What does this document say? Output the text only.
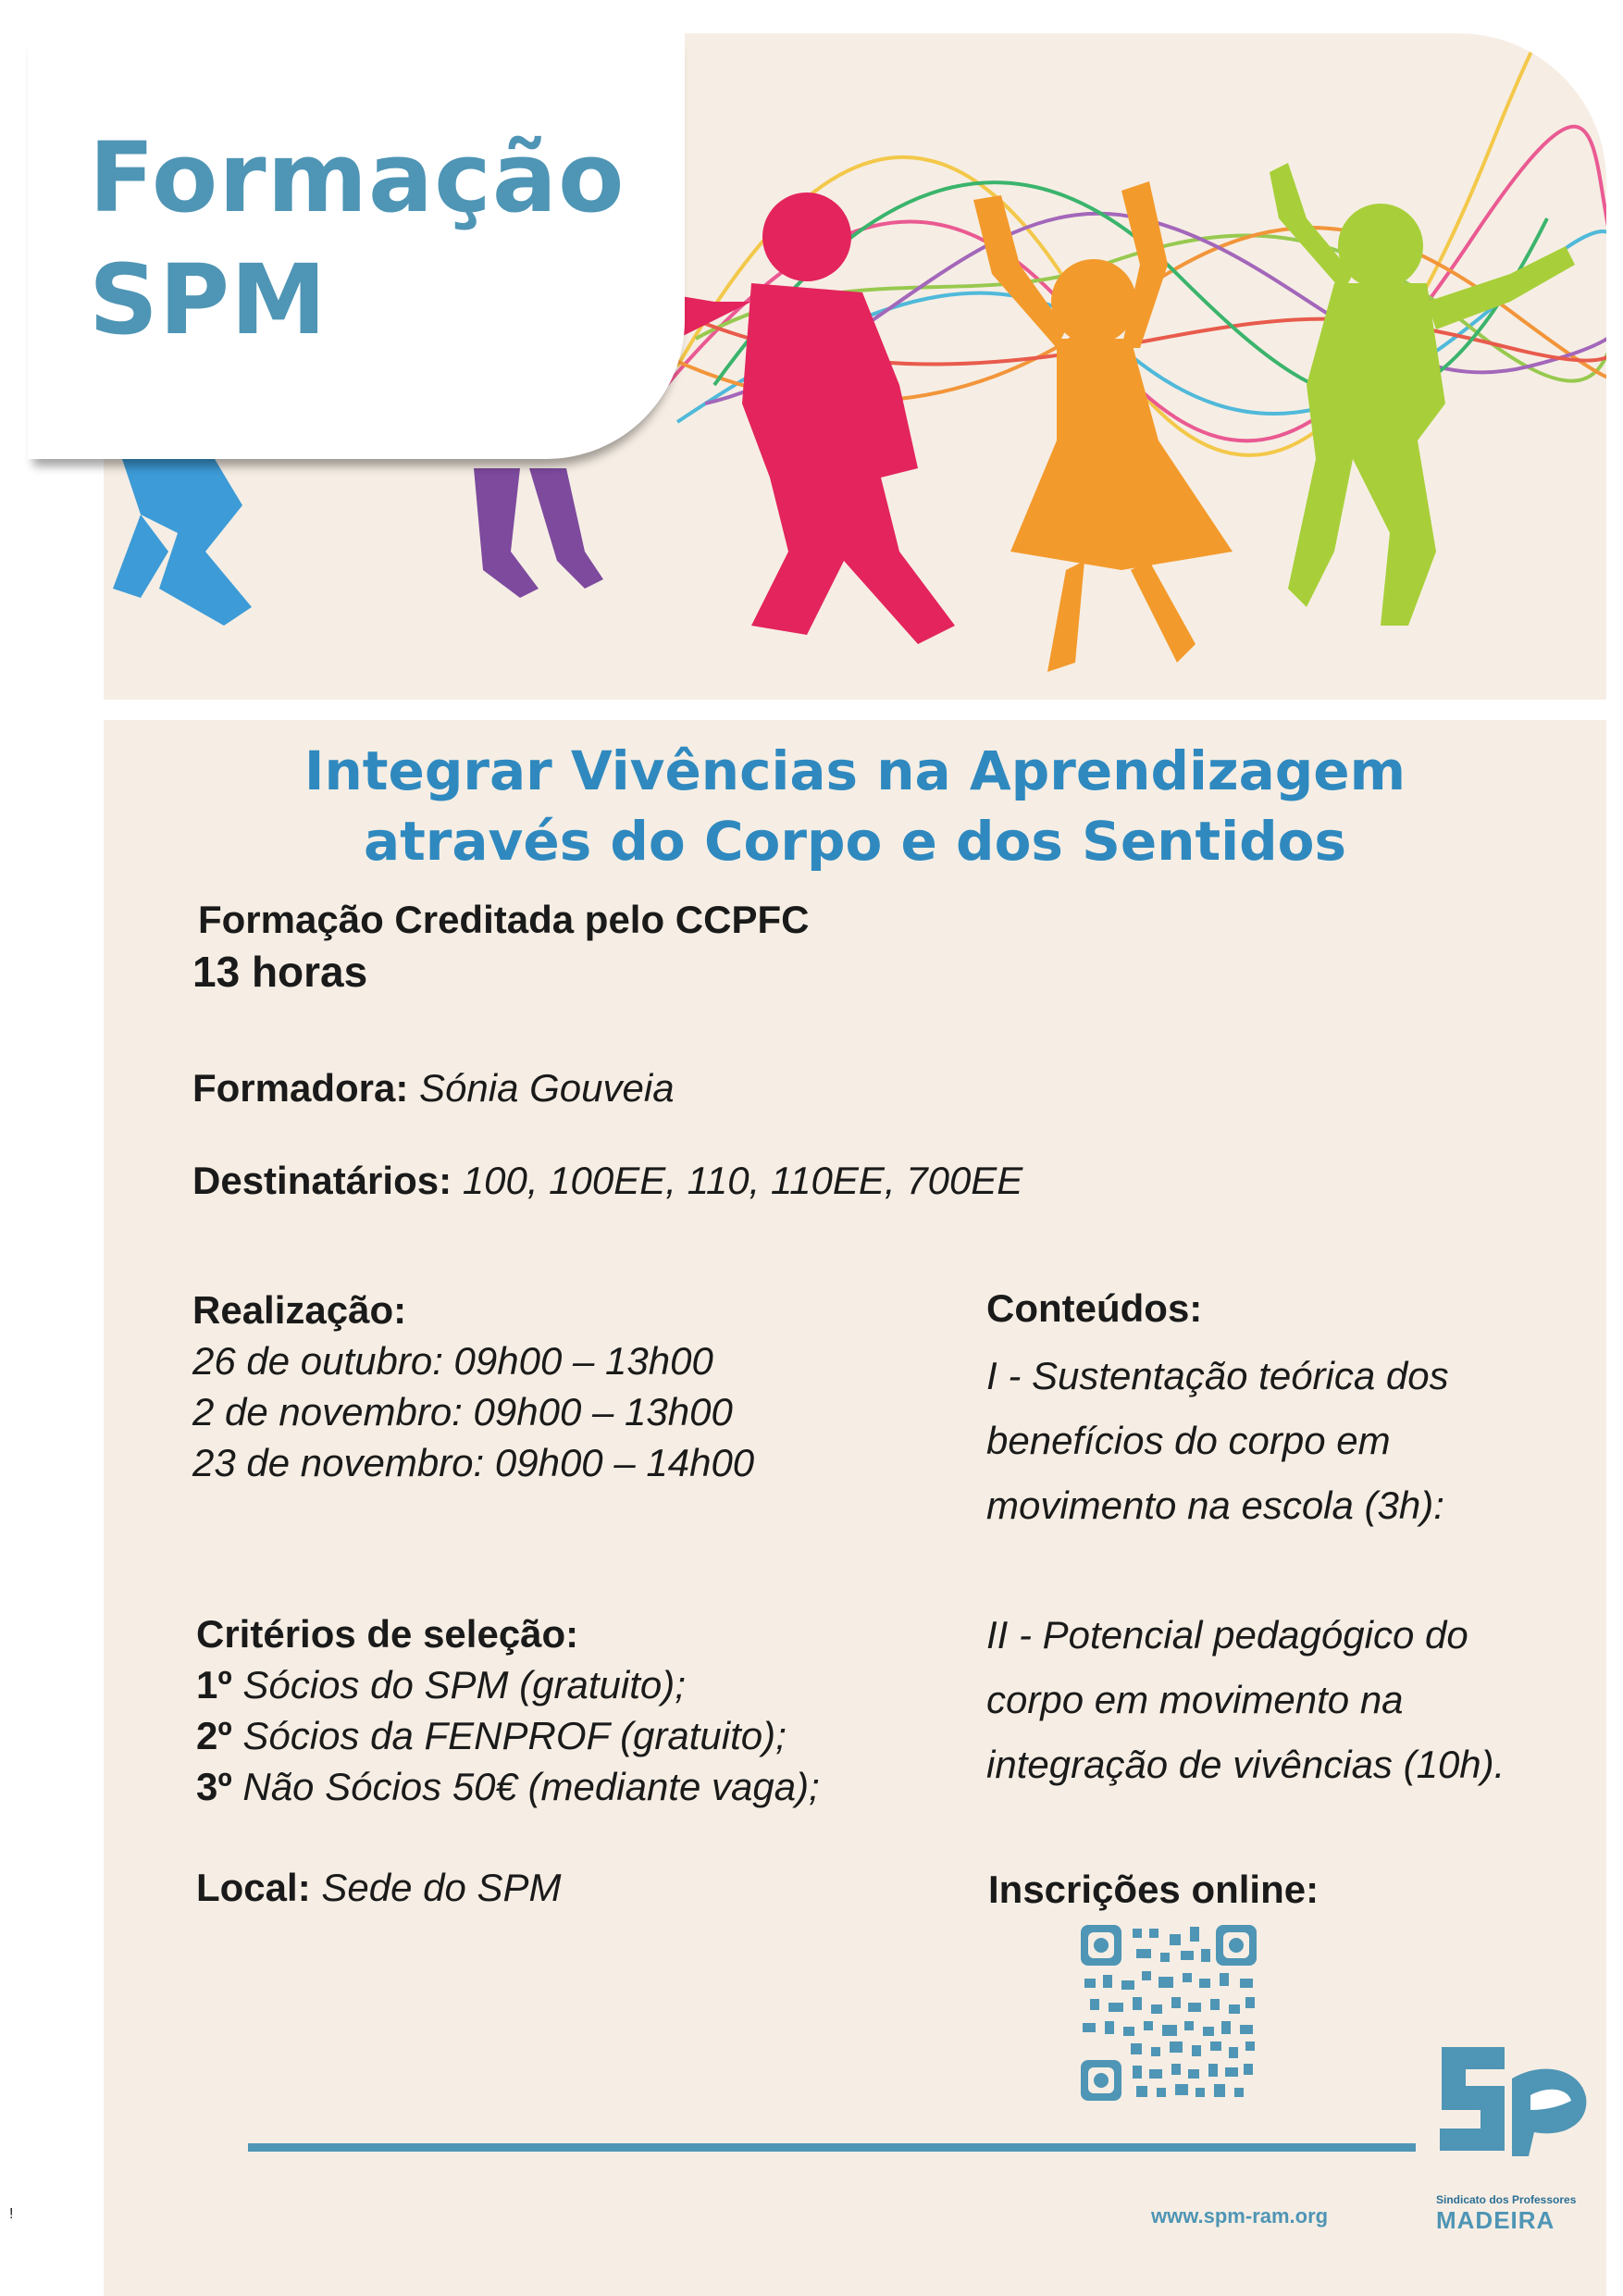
Formação
SPM
Integrar Vivências na Aprendizagem
através do Corpo e dos Sentidos
Formação Creditada pelo CCPFC
13 horas
Formadora: Sónia Gouveia
Destinatários: 100, 100EE, 110, 110EE, 700EE
Realização:
26 de outubro: 09h00 – 13h00
2 de novembro: 09h00 – 13h00
23 de novembro: 09h00 – 14h00
Critérios de seleção:
1º Sócios do SPM (gratuito);
2º Sócios da FENPROF (gratuito);
3º Não Sócios 50€ (mediante vaga);
Local: Sede do SPM
Conteúdos:
I - Sustentação teórica dos
benefícios do corpo em
movimento na escola (3h):
II - Potencial pedagógico do
corpo em movimento na
integração de vivências (10h).
Inscrições online:
www.spm-ram.org
Sindicato dos Professores
MADEIRA
!
